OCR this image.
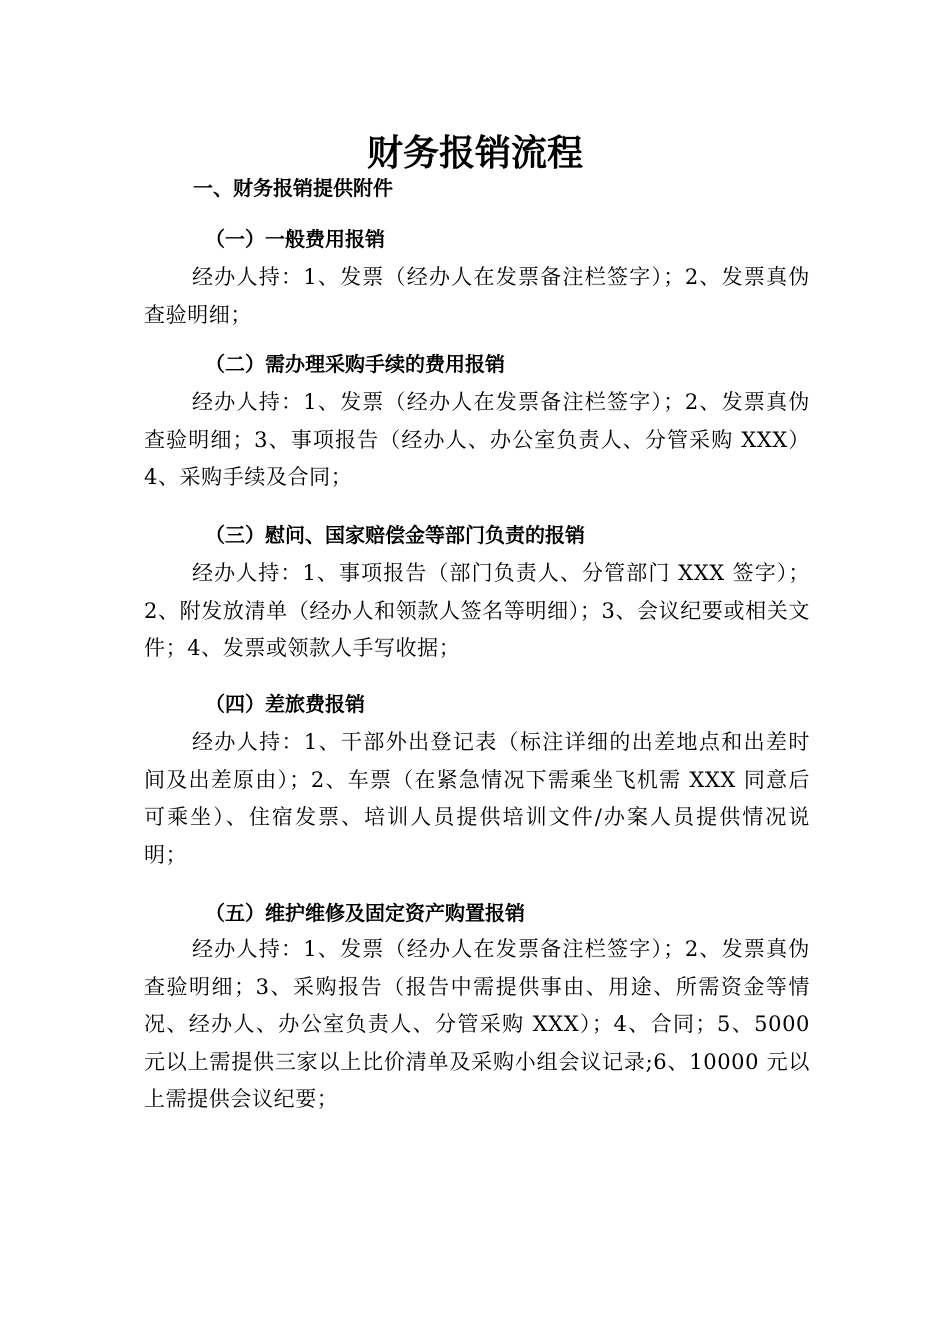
财务报销流程
一、财务报销提供附件
（一）一般费用报销

经办人持：1、发票（经办人在发票备注栏签字）；2、发票真伪查验明细；

（二）需办理采购手续的费用报销

经办人持：1、发票（经办人在发票备注栏签字）；2、发票真伪查验明细；3、事项报告（经办人、办公室负责人、分管采购 XXX）4、采购手续及合同；

（三）慰问、国家赔偿金等部门负责的报销

经办人持：1、事项报告（部门负责人、分管部门 XXX 签字）； 2、附发放清单（经办人和领款人签名等明细）；3、会议纪要或相关文件；4、发票或领款人手写收据；

（四）差旅费报销

经办人持：1、干部外出登记表（标注详细的出差地点和出差时间及出差原由）；2、车票（在紧急情况下需乘坐飞机需 XXX 同意后可乘坐）、住宿发票、培训人员提供培训文件/办案人员提供情况说明；

（五）维护维修及固定资产购置报销

经办人持：1、发票（经办人在发票备注栏签字）；2、发票真伪查验明细；3、采购报告（报告中需提供事由、用途、所需资金等情况、经办人、办公室负责人、分管采购 XXX）；4、合同；5、5000 元以上需提供三家以上比价清单及采购小组会议记录;6、10000 元以上需提供会议纪要；
